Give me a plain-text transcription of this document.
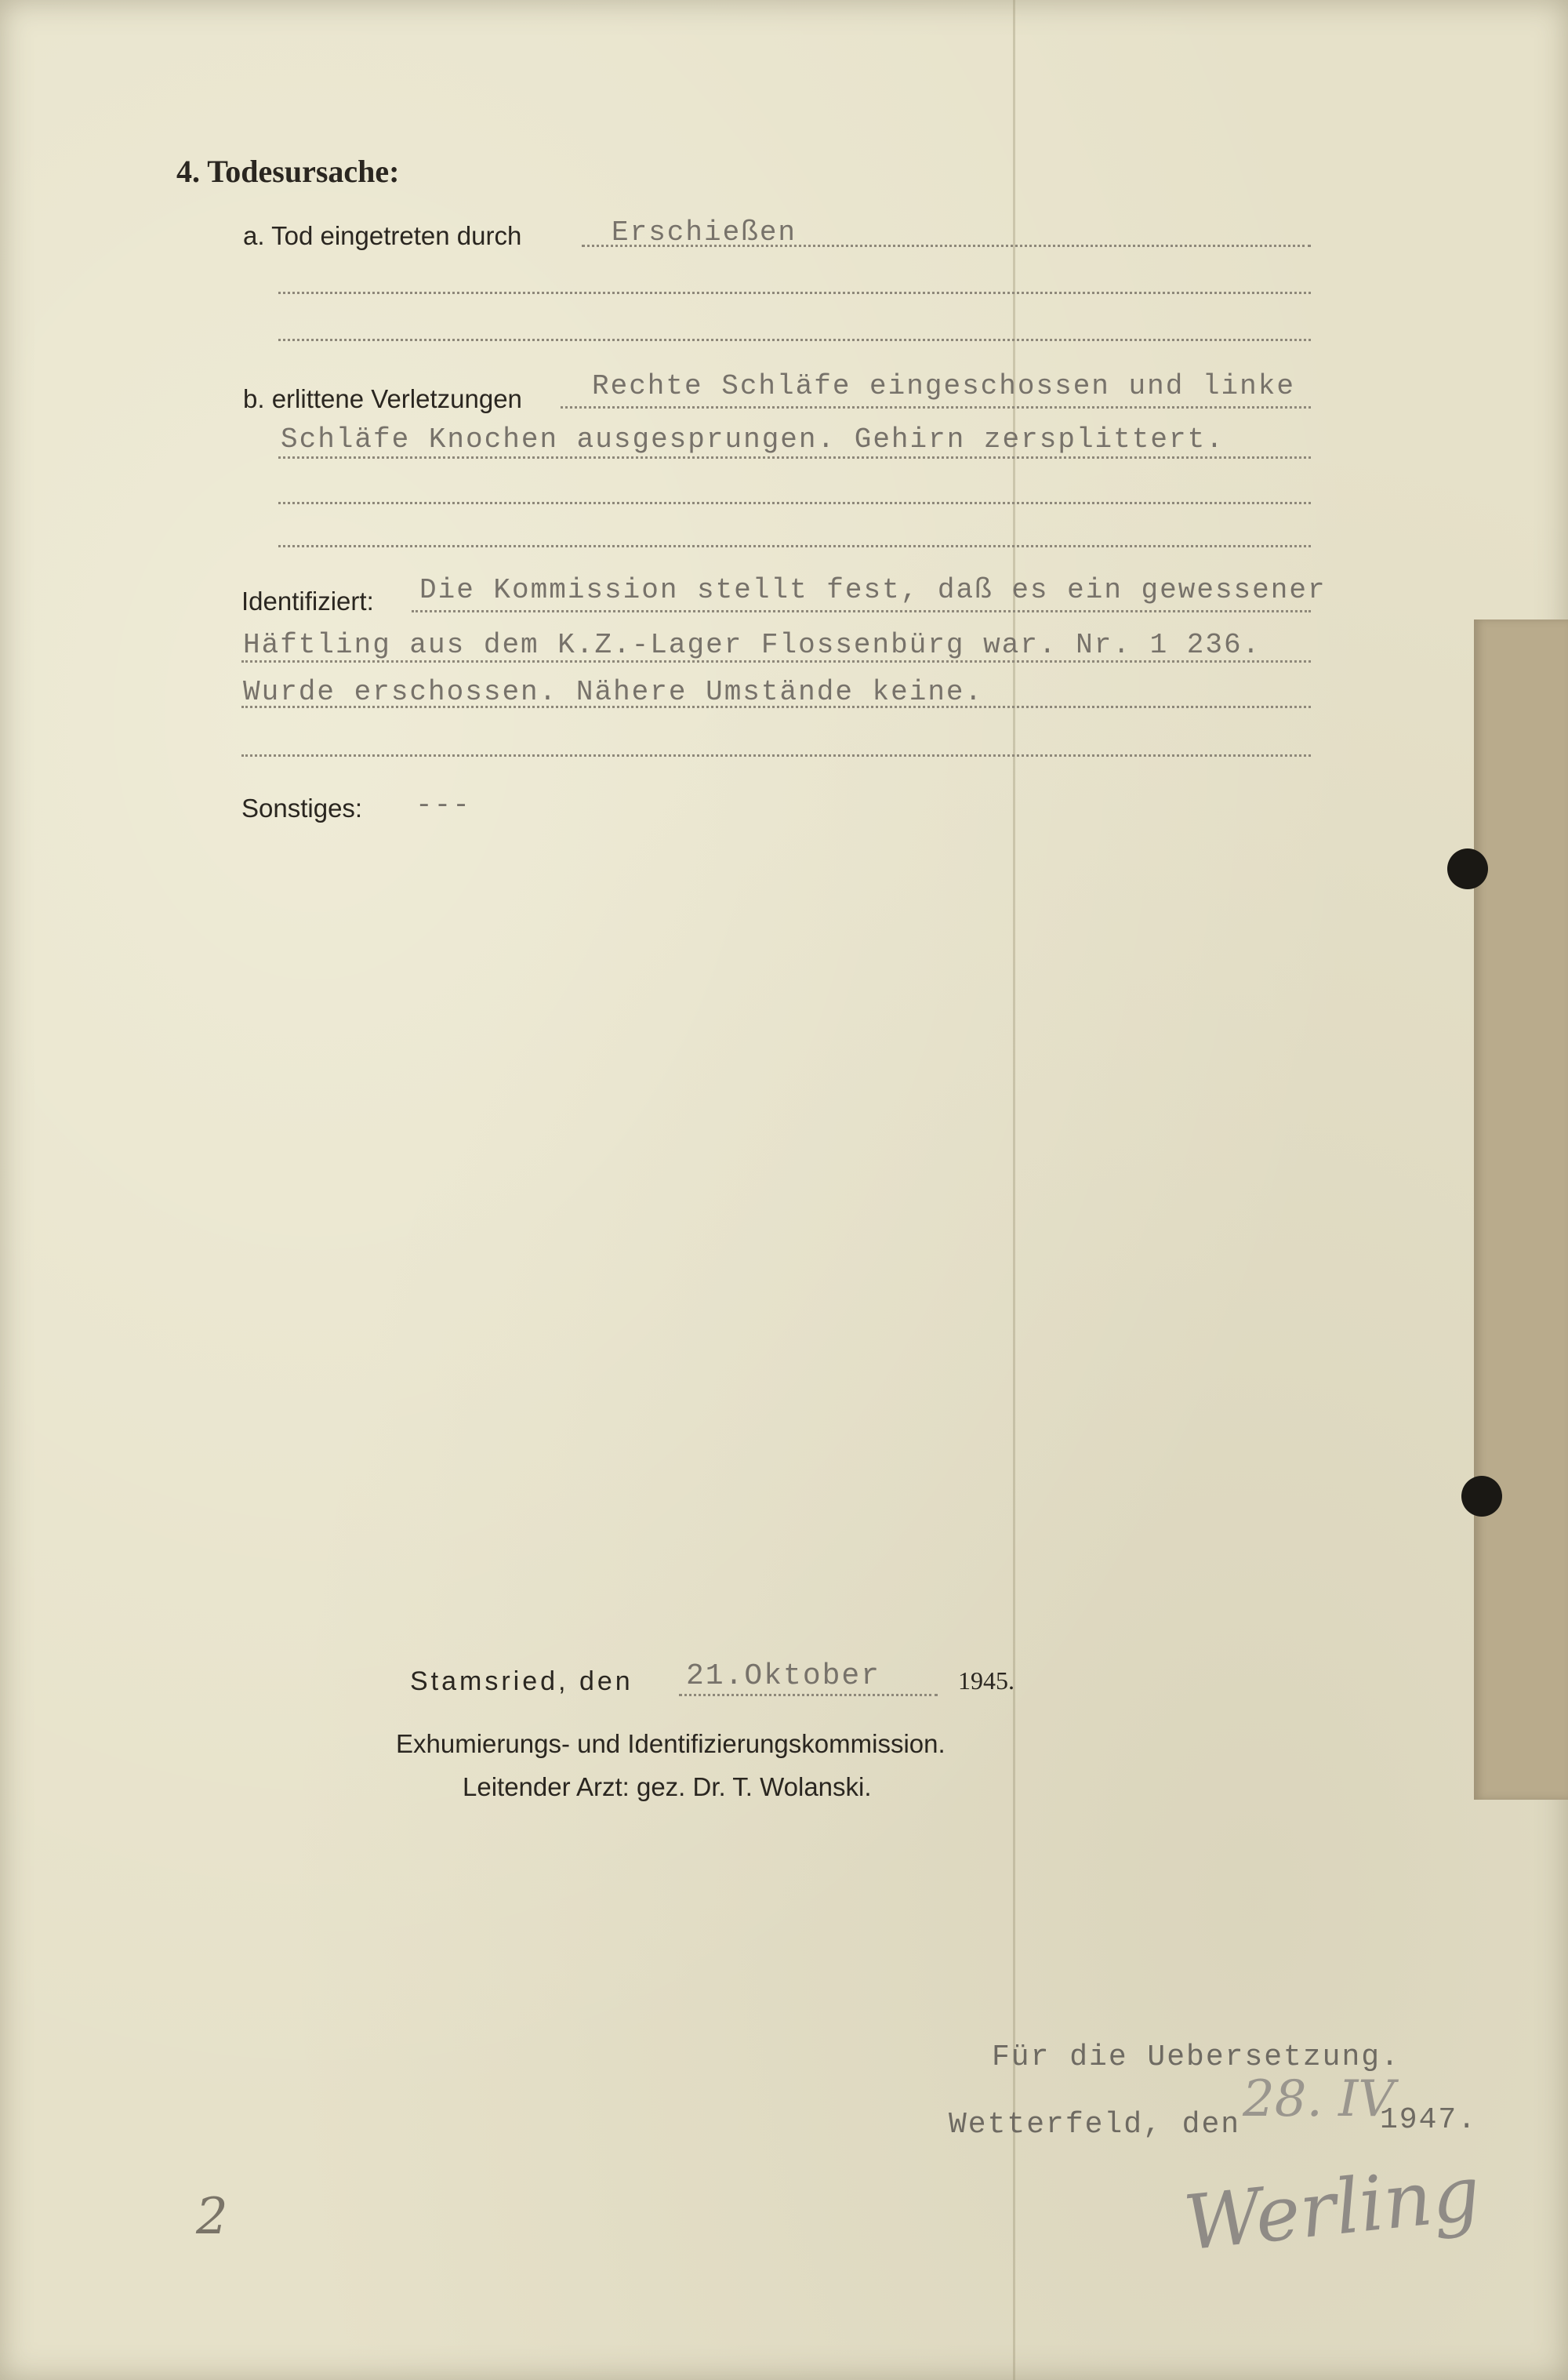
4. Todesursache:
a. Tod eingetreten durch	Erschießen
b. erlittene Verletzungen Rechte Schläfe eingeschossen und linke
Schläfe Knochen ausgesprungen. Gehirn zersplittert.
Identifiziert: Die Kommission stellt fest, daß es ein gewessener
Häftling aus dem K.Z.-Lager Flossenbürg war. Nr. 1 236.
Wurde erschossen. Nähere Umstände keine.
Sonstiges: ---
Stamsried, den 21.Oktober	1945.
Exhumierungs- und Identifizierungskommission.
Leitender Arzt: gez. Dr. T. Wolanski.
Für die Uebersetzung.
Wetterfeld, den 28. IV
1947.
Werling
2
